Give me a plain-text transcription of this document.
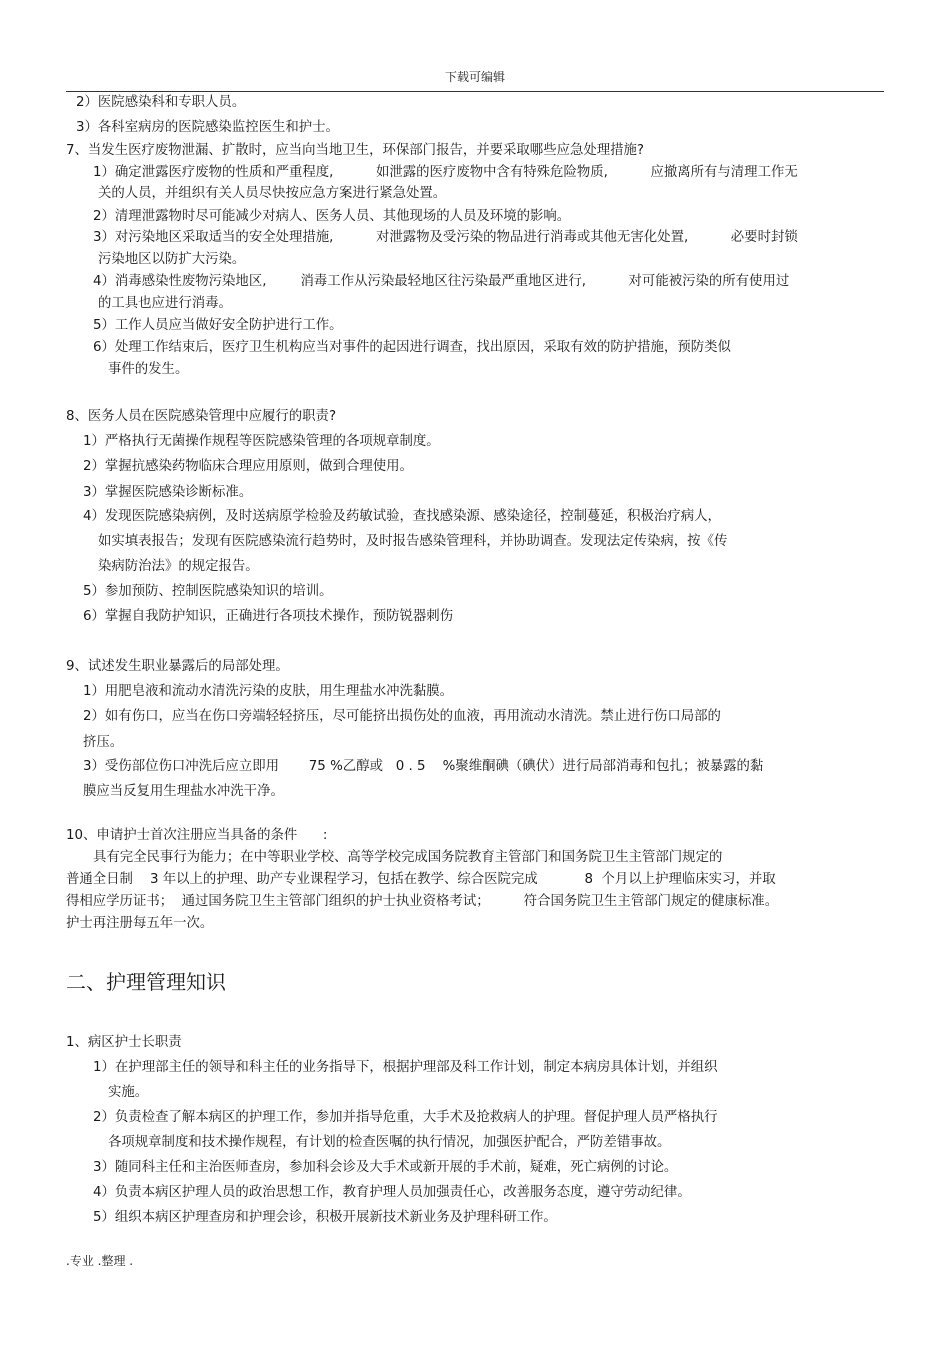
下载可编辑
2）医院感染科和专职人员。
3）各科室病房的医院感染监控医生和护士。
7、当发生医疗废物泄漏、扩散时，应当向当地卫生，环保部门报告，并要采取哪些应急处理措施?
1）确定泄露医疗废物的性质和严重程度,          如泄露的医疗废物中含有特殊危险物质,          应撤离所有与清理工作无
关的人员，并组织有关人员尽快按应急方案进行紧急处置。
2）清理泄露物时尽可能减少对病人、医务人员、其他现场的人员及环境的影响。
3）对污染地区采取适当的安全处理措施,          对泄露物及受污染的物品进行消毒或其他无害化处置,          必要时封锁
污染地区以防扩大污染。
4）消毒感染性废物污染地区,        消毒工作从污染最轻地区往污染最严重地区进行,          对可能被污染的所有使用过
的工具也应进行消毒。
5）工作人员应当做好安全防护进行工作。
6）处理工作结束后，医疗卫生机构应当对事件的起因进行调查，找出原因，采取有效的防护措施，预防类似
事件的发生。
8、医务人员在医院感染管理中应履行的职责?
1）严格执行无菌操作规程等医院感染管理的各项规章制度。
2）掌握抗感染药物临床合理应用原则，做到合理使用。
3）掌握医院感染诊断标准。
4）发现医院感染病例，及时送病原学检验及药敏试验，查找感染源、感染途径，控制蔓延，积极治疗病人，
如实填表报告；发现有医院感染流行趋势时，及时报告感染管理科，并协助调查。发现法定传染病，按《传
染病防治法》的规定报告。
5）参加预防、控制医院感染知识的培训。
6）掌握自我防护知识，正确进行各项技术操作，预防锐器刺伤
9、试述发生职业暴露后的局部处理。
1）用肥皂液和流动水清洗污染的皮肤，用生理盐水冲洗黏膜。
2）如有伤口，应当在伤口旁端轻轻挤压，尽可能挤出损伤处的血液，再用流动水清洗。禁止进行伤口局部的
挤压。
3）受伤部位伤口冲洗后应立即用       75 %乙醇或   0 . 5    %聚维酮碘（碘伏）进行局部消毒和包扎；被暴露的黏
膜应当反复用生理盐水冲洗干净。
10、申请护士首次注册应当具备的条件      :
具有完全民事行为能力；在中等职业学校、高等学校完成国务院教育主管部门和国务院卫生主管部门规定的
普通全日制    3 年以上的护理、助产专业课程学习，包括在教学、综合医院完成           8  个月以上护理临床实习，并取
得相应学历证书；  通过国务院卫生主管部门组织的护士执业资格考试；        符合国务院卫生主管部门规定的健康标准。
护士再注册每五年一次。
二、护理管理知识
1、病区护士长职责
1）在护理部主任的领导和科主任的业务指导下，根据护理部及科工作计划，制定本病房具体计划，并组织
实施。
2）负责检查了解本病区的护理工作，参加并指导危重，大手术及抢救病人的护理。督促护理人员严格执行
各项规章制度和技术操作规程，有计划的检查医嘱的执行情况，加强医护配合，严防差错事故。
3）随同科主任和主治医师查房，参加科会诊及大手术或新开展的手术前，疑难，死亡病例的讨论。
4）负责本病区护理人员的政治思想工作，教育护理人员加强责任心，改善服务态度，遵守劳动纪律。
5）组织本病区护理查房和护理会诊，积极开展新技术新业务及护理科研工作。
.专业 .整理 .
